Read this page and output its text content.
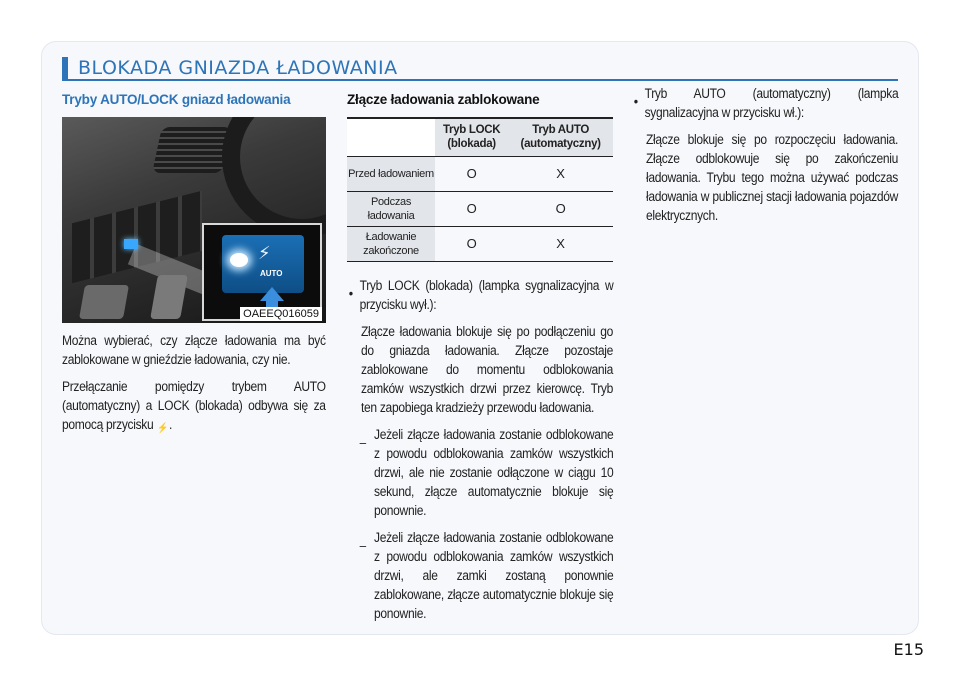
BLOKADA GNIAZDA ŁADOWANIA
Tryby AUTO/LOCK gniazd ładowania
⚡
AUTO
OAEEQ016059

Można wybierać, czy złącze ładowania ma być zablokowane w gnieździe ładowania, czy nie.

Przełączanie pomiędzy trybem AUTO (automatyczny) a LOCK (blokada) odbywa się za pomocą przycisku ⚡.

Złącze ładowania zablokowane
	Tryb LOCK (blokada)	Tryb AUTO (automatyczny)
Przed ładowaniem	O	X
Podczas ładowania	O	O
Ładowanie zakończone	O	X

• Tryb LOCK (blokada) (lampka sygnalizacyjna w przycisku wył.):

Złącze ładowania blokuje się po podłączeniu go do gniazda ładowania. Złącze pozostaje zablokowane do momentu odblokowania zamków wszystkich drzwi przez kierowcę. Tryb ten zapobiega kradzieży przewodu ładowania.

–
Jeżeli złącze ładowania zostanie odblokowane z powodu odblokowania zamków wszystkich drzwi, ale nie zostanie odłączone w ciągu 10 sekund, złącze automatycznie blokuje się ponownie.

–
Jeżeli złącze ładowania zostanie odblokowane z powodu odblokowania zamków wszystkich drzwi, ale zamki zostaną ponownie zablokowane, złącze automatycznie blokuje się ponownie.

• Tryb AUTO (automatyczny) (lampka sygnalizacyjna w przycisku wł.):

Złącze blokuje się po rozpoczęciu ładowania. Złącze odblokowuje się po zakończeniu ładowania. Trybu tego można używać podczas ładowania w publicznej stacji ładowania pojazdów elektrycznych.

E15
